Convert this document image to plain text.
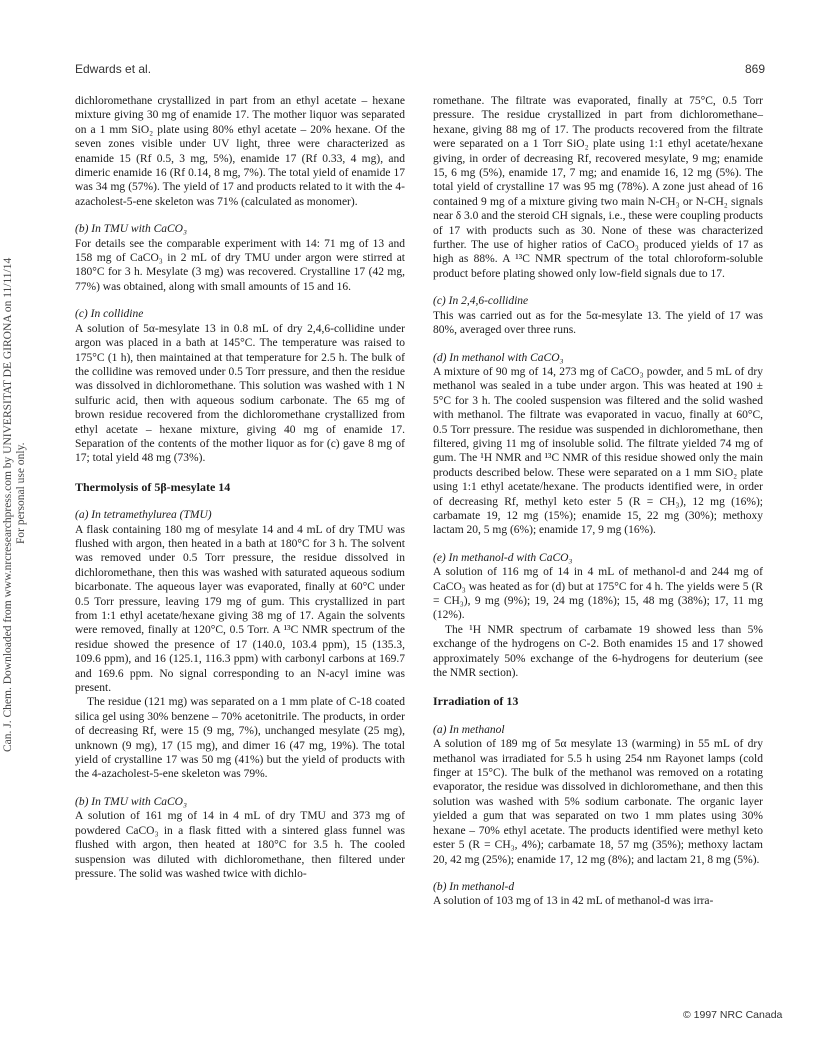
Edwards et al.	869
Can. J. Chem. Downloaded from www.nrcresearchpress.com by UNIVERSITAT DE GIRONA on 11/11/14 For personal use only.

dichloromethane crystallized in part from an ethyl acetate – hexane mixture giving 30 mg of enamide 17. The mother liquor was separated on a 1 mm SiO₂ plate using 80% ethyl acetate – 20% hexane. Of the seven zones visible under UV light, three were characterized as enamide 15 (Rf 0.5, 3 mg, 5%), enamide 17 (Rf 0.33, 4 mg), and dimeric enamide 16 (Rf 0.14, 8 mg, 7%). The total yield of enamide 17 was 34 mg (57%). The yield of 17 and products related to it with the 4-azacholest-5-ene skeleton was 71% (calculated as monomer).

(b) In TMU with CaCO₃

For details see the comparable experiment with 14: 71 mg of 13 and 158 mg of CaCO₃ in 2 mL of dry TMU under argon were stirred at 180°C for 3 h. Mesylate (3 mg) was recovered. Crystalline 17 (42 mg, 77%) was obtained, along with small amounts of 15 and 16.

(c) In collidine

A solution of 5α-mesylate 13 in 0.8 mL of dry 2,4,6-collidine under argon was placed in a bath at 145°C. The temperature was raised to 175°C (1 h), then maintained at that temperature for 2.5 h. The bulk of the collidine was removed under 0.5 Torr pressure, and then the residue was dissolved in dichloromethane. This solution was washed with 1 N sulfuric acid, then with aqueous sodium carbonate. The 65 mg of brown residue recovered from the dichloromethane crystallized from ethyl acetate – hexane mixture, giving 40 mg of enamide 17. Separation of the contents of the mother liquor as for (c) gave 8 mg of 17; total yield 48 mg (73%).

Thermolysis of 5β-mesylate 14

(a) In tetramethylurea (TMU)

A flask containing 180 mg of mesylate 14 and 4 mL of dry TMU was flushed with argon, then heated in a bath at 180°C for 3 h. The solvent was removed under 0.5 Torr pressure, the residue dissolved in dichloromethane, then this was washed with saturated aqueous sodium bicarbonate. The aqueous layer was evaporated, finally at 60°C under 0.5 Torr pressure, leaving 179 mg of gum. This crystallized in part from 1:1 ethyl acetate/hexane giving 38 mg of 17. Again the solvents were removed, finally at 120°C, 0.5 Torr. A ¹³C NMR spectrum of the residue showed the presence of 17 (140.0, 103.4 ppm), 15 (135.3, 109.6 ppm), and 16 (125.1, 116.3 ppm) with carbonyl carbons at 169.7 and 169.6 ppm. No signal corresponding to an N-acyl imine was present.

The residue (121 mg) was separated on a 1 mm plate of C-18 coated silica gel using 30% benzene – 70% acetonitrile. The products, in order of decreasing Rf, were 15 (9 mg, 7%), unchanged mesylate (25 mg), unknown (9 mg), 17 (15 mg), and dimer 16 (47 mg, 19%). The total yield of crystalline 17 was 50 mg (41%) but the yield of products with the 4-azacholest-5-ene skeleton was 79%.

(b) In TMU with CaCO₃

A solution of 161 mg of 14 in 4 mL of dry TMU and 373 mg of powdered CaCO₃ in a flask fitted with a sintered glass funnel was flushed with argon, then heated at 180°C for 3.5 h. The cooled suspension was diluted with dichloromethane, then filtered under pressure. The solid was washed twice with dichlo-

romethane. The filtrate was evaporated, finally at 75°C, 0.5 Torr pressure. The residue crystallized in part from dichloromethane–hexane, giving 88 mg of 17. The products recovered from the filtrate were separated on a 1 Torr SiO₂ plate using 1:1 ethyl acetate/hexane giving, in order of decreasing Rf, recovered mesylate, 9 mg; enamide 15, 6 mg (5%), enamide 17, 7 mg; and enamide 16, 12 mg (5%). The total yield of crystalline 17 was 95 mg (78%). A zone just ahead of 16 contained 9 mg of a mixture giving two main N-CH₃ or N-CH₂ signals near δ 3.0 and the steroid CH signals, i.e., these were coupling products of 17 with products such as 30. None of these was characterized further. The use of higher ratios of CaCO₃ produced yields of 17 as high as 88%. A ¹³C NMR spectrum of the total chloroform-soluble product before plating showed only low-field signals due to 17.

(c) In 2,4,6-collidine

This was carried out as for the 5α-mesylate 13. The yield of 17 was 80%, averaged over three runs.

(d) In methanol with CaCO₃

A mixture of 90 mg of 14, 273 mg of CaCO₃ powder, and 5 mL of dry methanol was sealed in a tube under argon. This was heated at 190 ± 5°C for 3 h. The cooled suspension was filtered and the solid washed with methanol. The filtrate was evaporated in vacuo, finally at 60°C, 0.5 Torr pressure. The residue was suspended in dichloromethane, then filtered, giving 11 mg of insoluble solid. The filtrate yielded 74 mg of gum. The ¹H NMR and ¹³C NMR of this residue showed only the main products described below. These were separated on a 1 mm SiO₂ plate using 1:1 ethyl acetate/hexane. The products identified were, in order of decreasing Rf, methyl keto ester 5 (R = CH₃), 12 mg (16%); carbamate 19, 12 mg (15%); enamide 15, 22 mg (30%); methoxy lactam 20, 5 mg (6%); enamide 17, 9 mg (16%).

(e) In methanol-d with CaCO₃

A solution of 116 mg of 14 in 4 mL of methanol-d and 244 mg of CaCO₃ was heated as for (d) but at 175°C for 4 h. The yields were 5 (R = CH₃), 9 mg (9%); 19, 24 mg (18%); 15, 48 mg (38%); 17, 11 mg (12%).

The ¹H NMR spectrum of carbamate 19 showed less than 5% exchange of the hydrogens on C-2. Both enamides 15 and 17 showed approximately 50% exchange of the 6-hydrogens for deuterium (see the NMR section).

Irradiation of 13

(a) In methanol

A solution of 189 mg of 5α mesylate 13 (warming) in 55 mL of dry methanol was irradiated for 5.5 h using 254 nm Rayonet lamps (cold finger at 15°C). The bulk of the methanol was removed on a rotating evaporator, the residue was dissolved in dichloromethane, and then this solution was washed with 5% sodium carbonate. The organic layer yielded a gum that was separated on two 1 mm plates using 30% hexane – 70% ethyl acetate. The products identified were methyl keto ester 5 (R = CH₃, 4%); carbamate 18, 57 mg (35%); methoxy lactam 20, 42 mg (25%); enamide 17, 12 mg (8%); and lactam 21, 8 mg (5%).

(b) In methanol-d

A solution of 103 mg of 13 in 42 mL of methanol-d was irra-

© 1997 NRC Canada
